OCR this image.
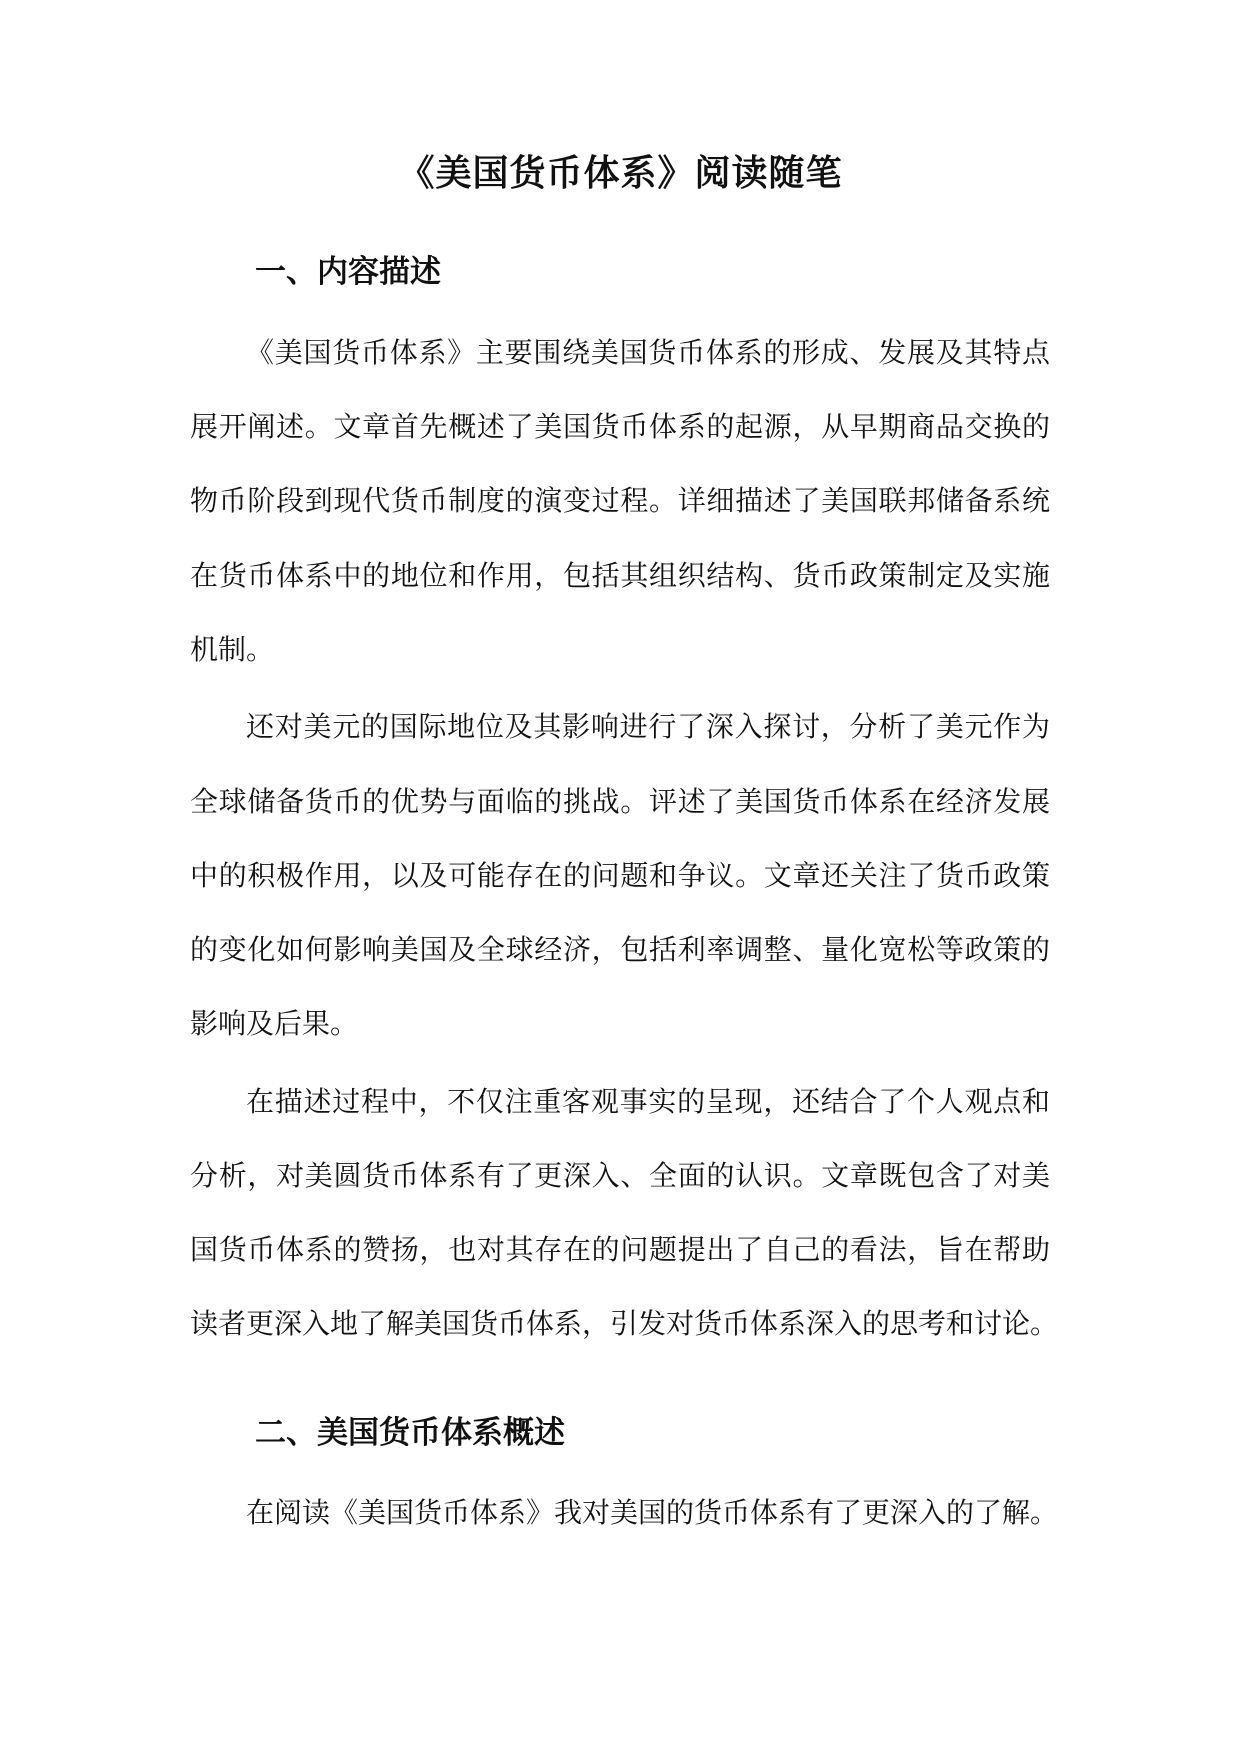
《美国货币体系》阅读随笔
一、内容描述
《美国货币体系》主要围绕美国货币体系的形成、发展及其特点
展开阐述。文章首先概述了美国货币体系的起源，从早期商品交换的
物币阶段到现代货币制度的演变过程。详细描述了美国联邦储备系统
在货币体系中的地位和作用，包括其组织结构、货币政策制定及实施
机制。
还对美元的国际地位及其影响进行了深入探讨，分析了美元作为
全球储备货币的优势与面临的挑战。评述了美国货币体系在经济发展
中的积极作用，以及可能存在的问题和争议。文章还关注了货币政策
的变化如何影响美国及全球经济，包括利率调整、量化宽松等政策的
影响及后果。
在描述过程中，不仅注重客观事实的呈现，还结合了个人观点和
分析，对美圆货币体系有了更深入、全面的认识。文章既包含了对美
国货币体系的赞扬，也对其存在的问题提出了自己的看法，旨在帮助
读者更深入地了解美国货币体系，引发对货币体系深入的思考和讨论。
二、美国货币体系概述
在阅读《美国货币体系》我对美国的货币体系有了更深入的了解。
